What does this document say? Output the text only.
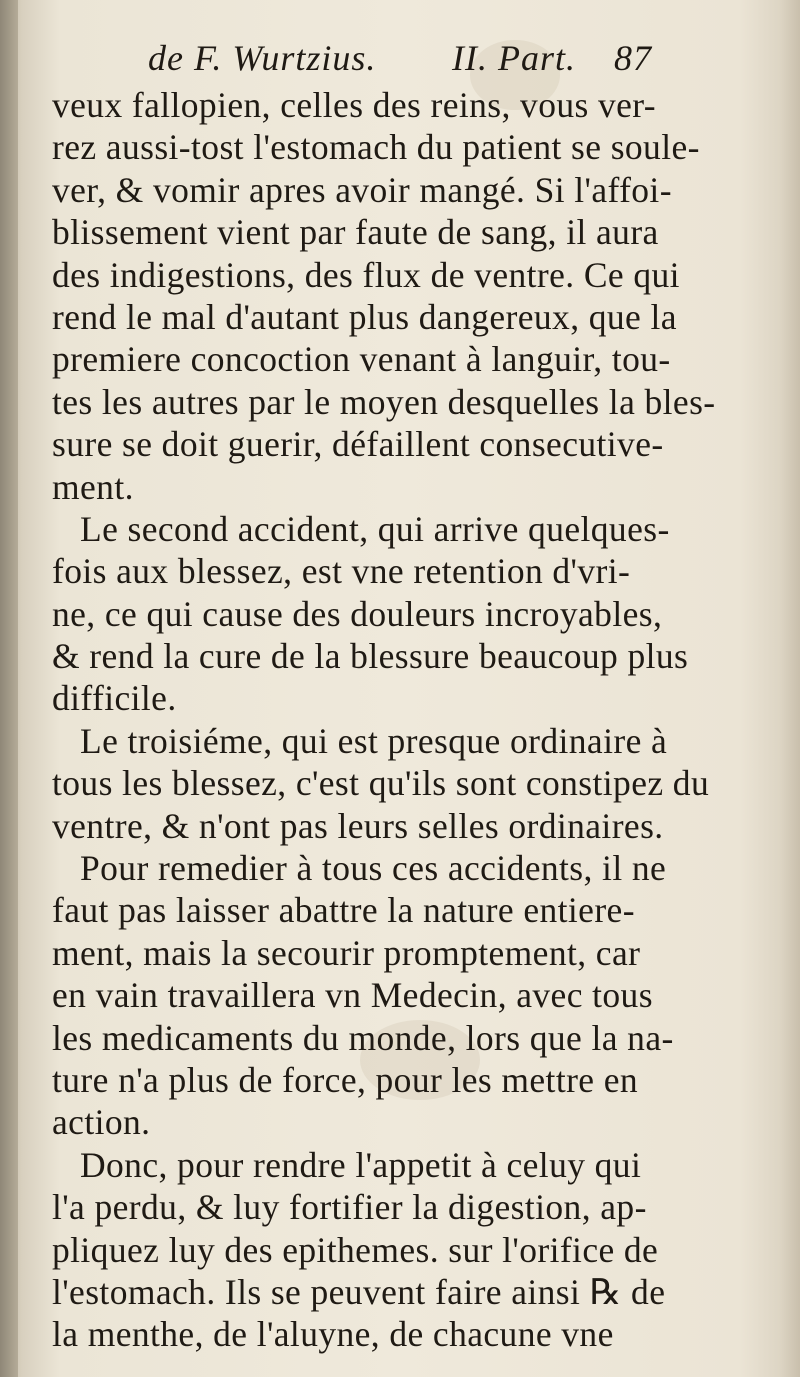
de F. Wurtzius. II. Part. 87
veux fallopien, celles des reins, vous ver-
rez aussi-tost l'estomach du patient se soule-
ver, & vomir apres avoir mangé. Si l'affoi-
blissement vient par faute de sang, il aura
des indigestions, des flux de ventre. Ce qui
rend le mal d'autant plus dangereux, que la
premiere concoction venant à languir, tou-
tes les autres par le moyen desquelles la bles-
sure se doit guerir, défaillent consecutive-
ment.
Le second accident, qui arrive quelques-
fois aux blessez, est vne retention d'vri-
ne, ce qui cause des douleurs incroyables,
& rend la cure de la blessure beaucoup plus
difficile.
Le troisiéme, qui est presque ordinaire à
tous les blessez, c'est qu'ils sont constipez du
ventre, & n'ont pas leurs selles ordinaires.
Pour remedier à tous ces accidents, il ne
faut pas laisser abattre la nature entiere-
ment, mais la secourir promptement, car
en vain travaillera vn Medecin, avec tous
les medicaments du monde, lors que la na-
ture n'a plus de force, pour les mettre en
action.
Donc, pour rendre l'appetit à celuy qui
l'a perdu, & luy fortifier la digestion, ap-
pliquez luy des epithemes. sur l'orifice de
l'estomach. Ils se peuvent faire ainsi ℞ de
la menthe, de l'aluyne, de chacune vne
